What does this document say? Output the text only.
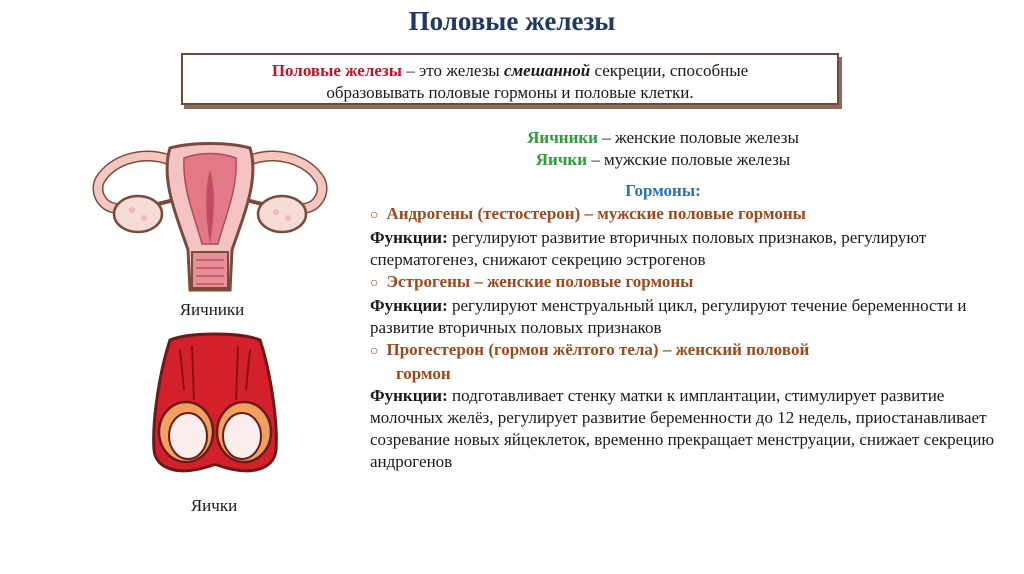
Половые железы
Половые железы – это железы смешанной секреции, способные
образовывать половые гормоны и половые клетки.
Яичники – женские половые железы
Яички – мужские половые железы
Гормоны:
○ Андрогены (тестостерон) – мужские половые гормоны
Функции: регулируют развитие вторичных половых признаков, регулируют сперматогенез, снижают секрецию эстрогенов
○ Эстрогены – женские половые гормоны
Функции: регулируют менструальный цикл, регулируют течение беременности и развитие вторичных половых признаков
○ Прогестерон (гормон жёлтого тела) – женский половой
гормон
Функции: подготавливает стенку матки к имплантации, стимулирует развитие молочных желёз, регулирует развитие беременности до 12 недель, приостанавливает созревание новых яйцеклеток, временно прекращает менструации, снижает секрецию андрогенов
Яичники
Яички
